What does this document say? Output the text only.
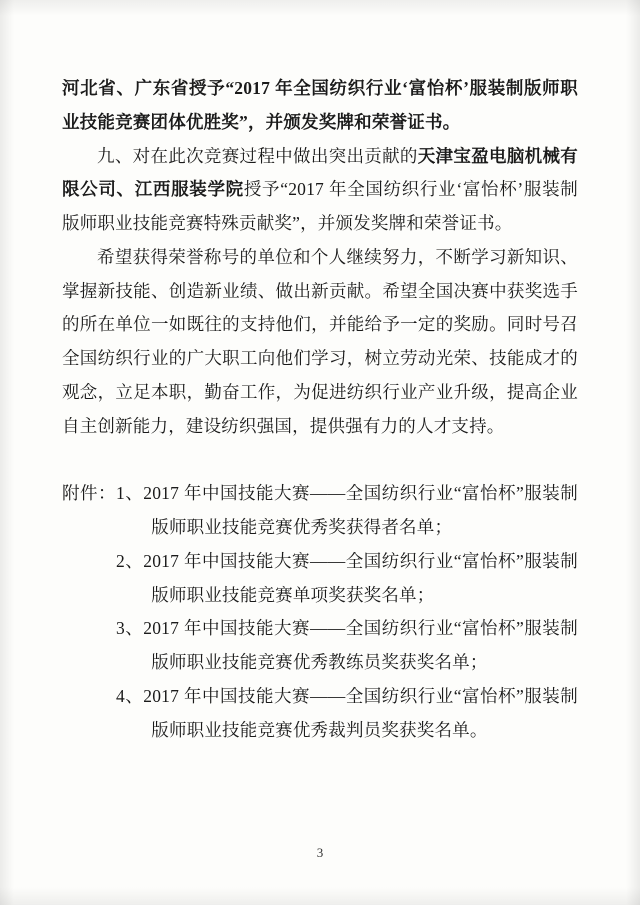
河北省、广东省授予“2017 年全国纺织行业‘富怡杯’服装制版师职业技能竞赛团体优胜奖”，并颁发奖牌和荣誉证书。

九、对在此次竞赛过程中做出突出贡献的天津宝盈电脑机械有限公司、江西服装学院授予“2017 年全国纺织行业‘富怡杯’服装制版师职业技能竞赛特殊贡献奖”，并颁发奖牌和荣誉证书。

希望获得荣誉称号的单位和个人继续努力，不断学习新知识、掌握新技能、创造新业绩、做出新贡献。希望全国决赛中获奖选手的所在单位一如既往的支持他们，并能给予一定的奖励。同时号召全国纺织行业的广大职工向他们学习，树立劳动光荣、技能成才的观念，立足本职，勤奋工作，为促进纺织行业产业升级，提高企业自主创新能力，建设纺织强国，提供强有力的人才支持。

附件：1、2017 年中国技能大赛——全国纺织行业“富怡杯”服装制版师职业技能竞赛优秀奖获得者名单；
2、2017 年中国技能大赛——全国纺织行业“富怡杯”服装制版师职业技能竞赛单项奖获奖名单；
3、2017 年中国技能大赛——全国纺织行业“富怡杯”服装制版师职业技能竞赛优秀教练员奖获奖名单；
4、2017 年中国技能大赛——全国纺织行业“富怡杯”服装制版师职业技能竞赛优秀裁判员奖获奖名单。
3
